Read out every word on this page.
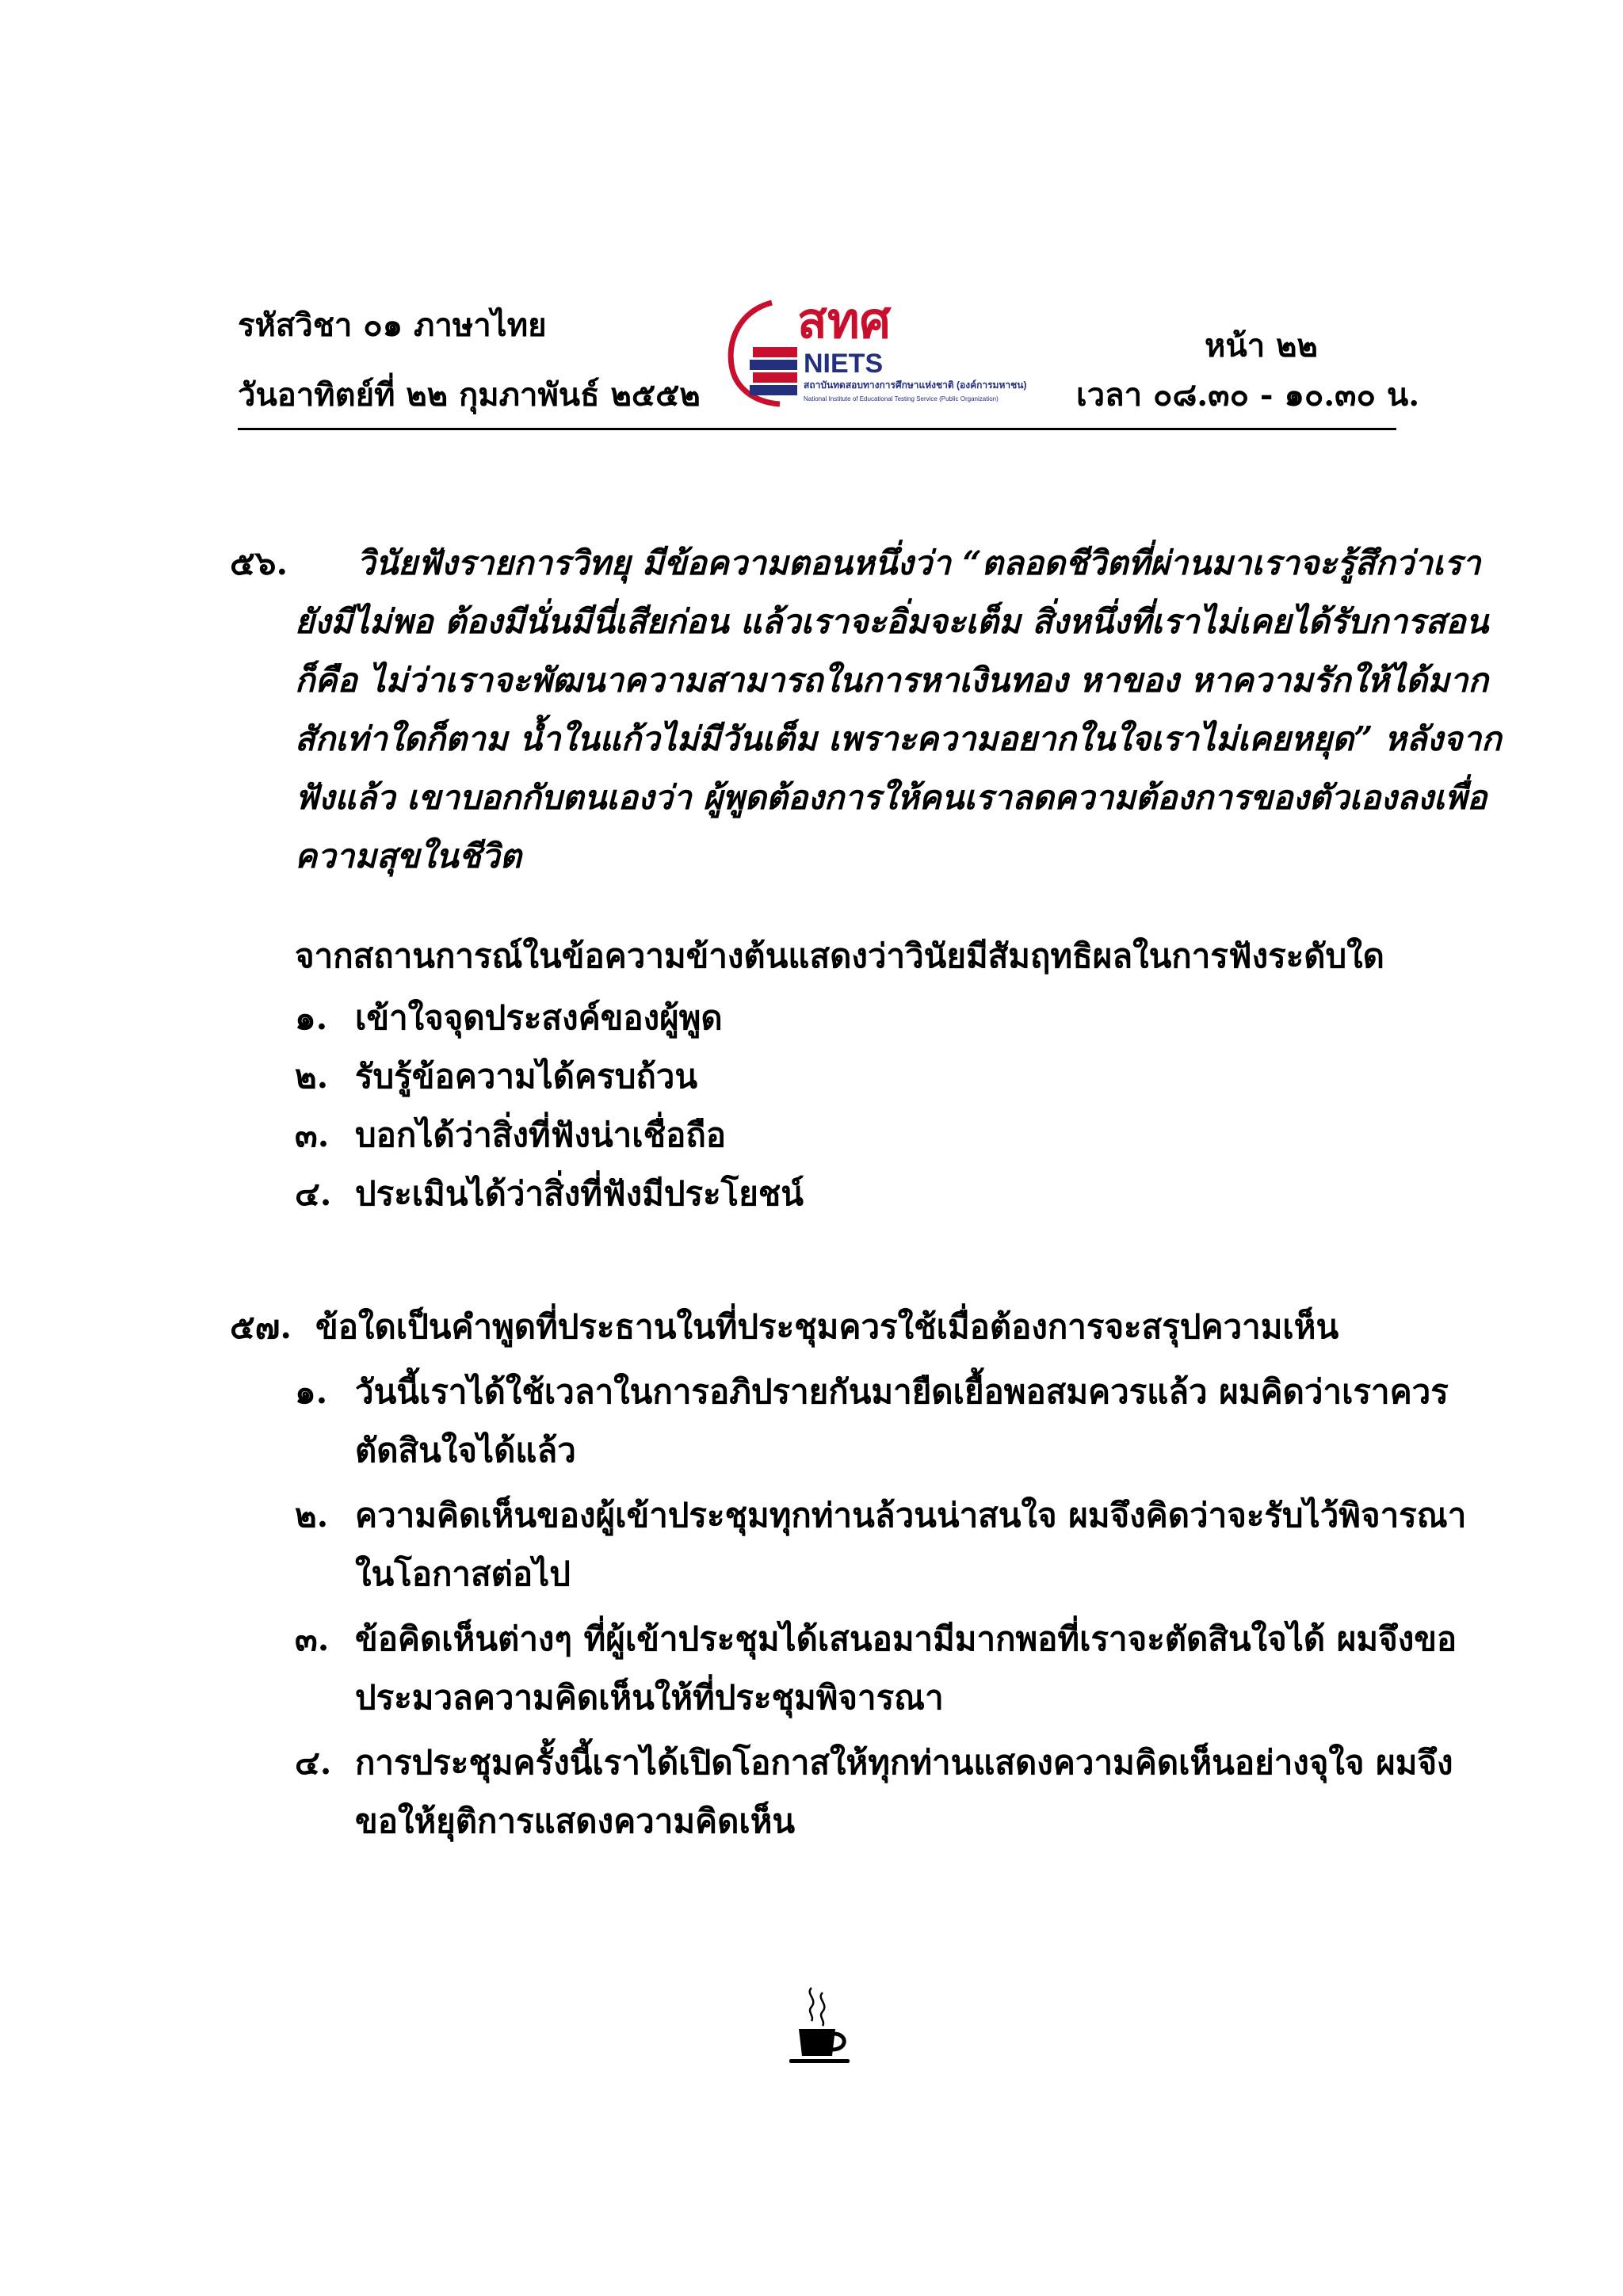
รหัสวิชา ๐๑ ภาษาไทย
วันอาทิตย์ที่ ๒๒ กุมภาพันธ์ ๒๕๕๒
หน้า ๒๒
เวลา ๐๘.๓๐ - ๑๐.๓๐ น.
สทศ
NIETS
สถาบันทดสอบทางการศึกษาแห่งชาติ (องค์การมหาชน)
National Institute of Educational Testing Service (Public Organization)
๕๖. วินัยฟังรายการวิทยุ มีข้อความตอนหนึ่งว่า “ตลอดชีวิตที่ผ่านมาเราจะรู้สึกว่าเรา
ยังมีไม่พอ ต้องมีนั่นมีนี่เสียก่อน แล้วเราจะอิ่มจะเต็ม สิ่งหนึ่งที่เราไม่เคยได้รับการสอน
ก็คือ ไม่ว่าเราจะพัฒนาความสามารถในการหาเงินทอง หาของ หาความรักให้ได้มาก
สักเท่าใดก็ตาม น้ำในแก้วไม่มีวันเต็ม เพราะความอยากในใจเราไม่เคยหยุด” หลังจาก
ฟังแล้ว เขาบอกกับตนเองว่า ผู้พูดต้องการให้คนเราลดความต้องการของตัวเองลงเพื่อ
ความสุขในชีวิต
จากสถานการณ์ในข้อความข้างต้นแสดงว่าวินัยมีสัมฤทธิผลในการฟังระดับใด
๑. เข้าใจจุดประสงค์ของผู้พูด
๒. รับรู้ข้อความได้ครบถ้วน
๓. บอกได้ว่าสิ่งที่ฟังน่าเชื่อถือ
๔. ประเมินได้ว่าสิ่งที่ฟังมีประโยชน์
๕๗. ข้อใดเป็นคำพูดที่ประธานในที่ประชุมควรใช้เมื่อต้องการจะสรุปความเห็น
๑. วันนี้เราได้ใช้เวลาในการอภิปรายกันมายืดเยื้อพอสมควรแล้ว ผมคิดว่าเราควร
ตัดสินใจได้แล้ว
๒. ความคิดเห็นของผู้เข้าประชุมทุกท่านล้วนน่าสนใจ ผมจึงคิดว่าจะรับไว้พิจารณา
ในโอกาสต่อไป
๓. ข้อคิดเห็นต่างๆ ที่ผู้เข้าประชุมได้เสนอมามีมากพอที่เราจะตัดสินใจได้ ผมจึงขอ
ประมวลความคิดเห็นให้ที่ประชุมพิจารณา
๔. การประชุมครั้งนี้เราได้เปิดโอกาสให้ทุกท่านแสดงความคิดเห็นอย่างจุใจ ผมจึง
ขอให้ยุติการแสดงความคิดเห็น
